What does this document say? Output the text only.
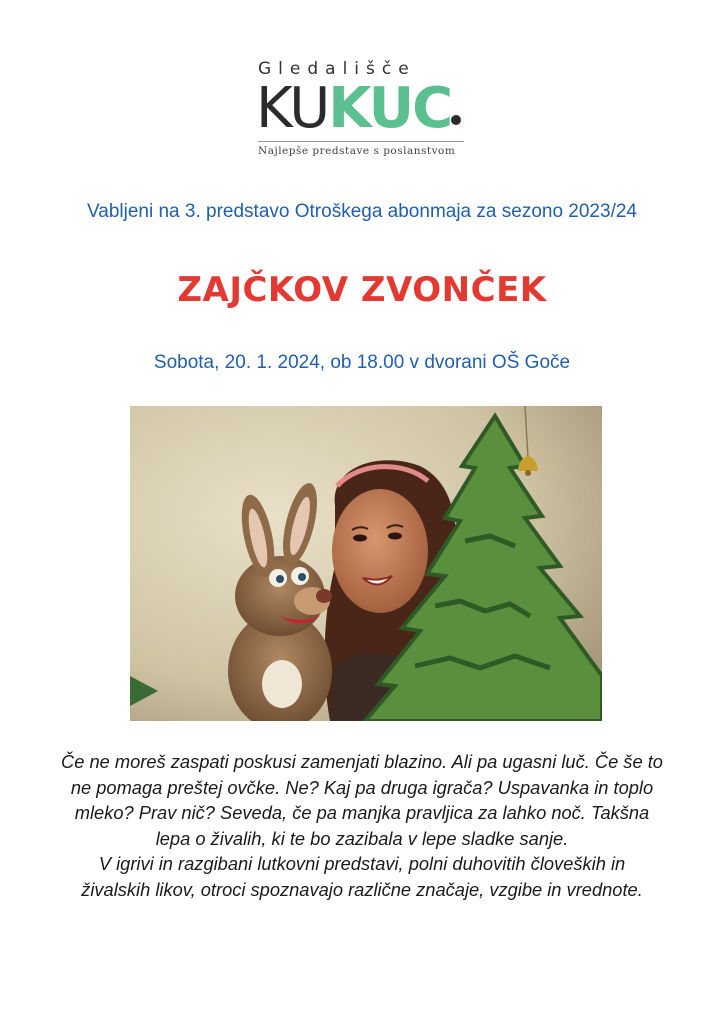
Gledališče
KUKUC
Najlepše predstave s poslanstvom
Vabljeni na 3. predstavo Otroškega abonmaja za sezono 2023/24
ZAJČKOV ZVONČEK
Sobota, 20. 1. 2024, ob 18.00 v dvorani OŠ Goče
Če ne moreš zaspati poskusi zamenjati blazino. Ali pa ugasni luč. Če še to
ne pomaga preštej ovčke. Ne? Kaj pa druga igrača? Uspavanka in toplo
mleko? Prav nič? Seveda, če pa manjka pravljica za lahko noč. Takšna
lepa o živalih, ki te bo zazibala v lepe sladke sanje.
V igrivi in razgibani lutkovni predstavi, polni duhovitih človeških in
živalskih likov, otroci spoznavajo različne značaje, vzgibe in vrednote.
